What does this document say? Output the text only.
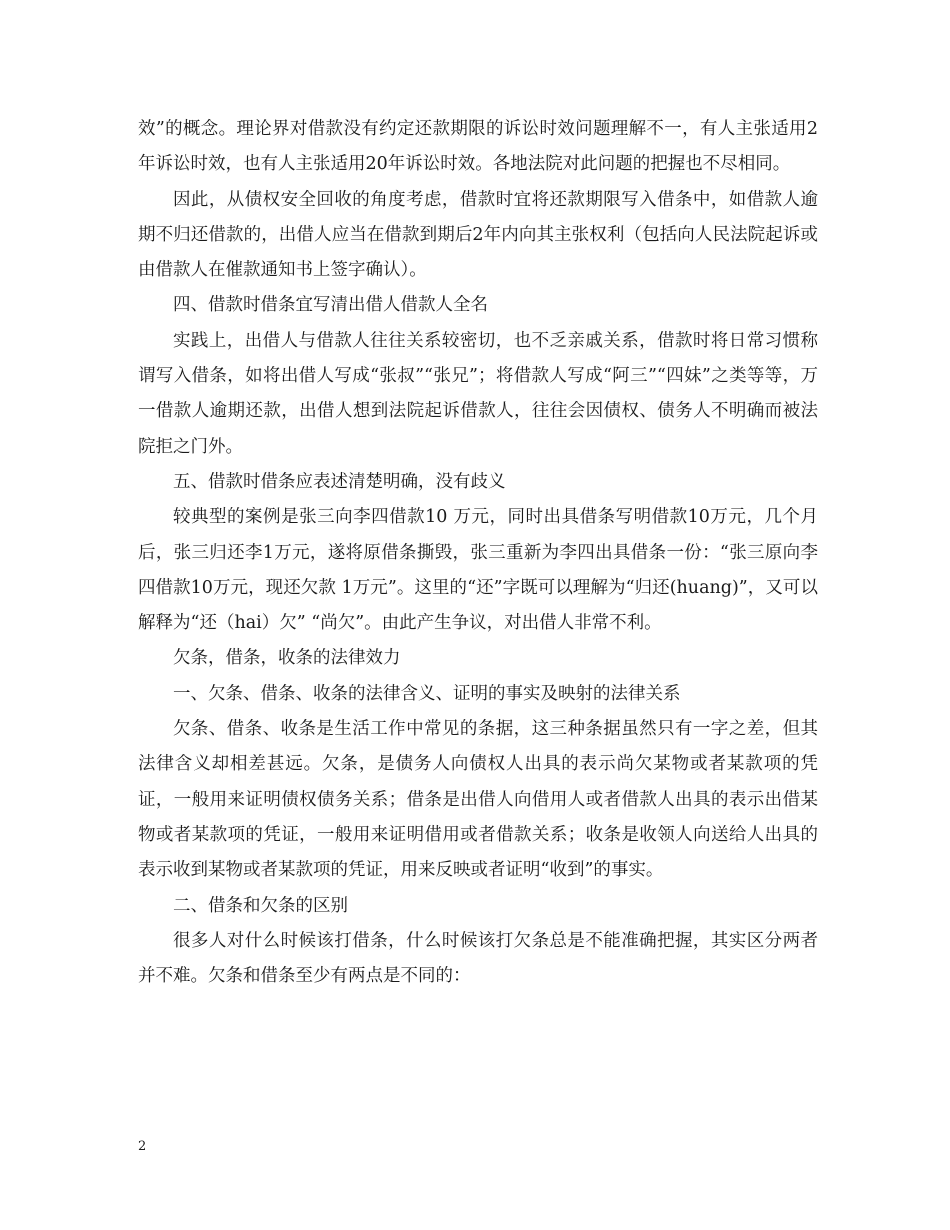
效”的概念。理论界对借款没有约定还款期限的诉讼时效问题理解不一，有人主张适用2年诉讼时效，也有人主张适用20年诉讼时效。各地法院对此问题的把握也不尽相同。

因此，从债权安全回收的角度考虑，借款时宜将还款期限写入借条中，如借款人逾期不归还借款的，出借人应当在借款到期后2年内向其主张权利（包括向人民法院起诉或由借款人在催款通知书上签字确认）。

四、借款时借条宜写清出借人借款人全名

实践上，出借人与借款人往往关系较密切，也不乏亲戚关系，借款时将日常习惯称谓写入借条，如将出借人写成“张叔”“张兄”；将借款人写成“阿三”“四妹”之类等等，万一借款人逾期还款，出借人想到法院起诉借款人，往往会因债权、债务人不明确而被法院拒之门外。

五、借款时借条应表述清楚明确，没有歧义

较典型的案例是张三向李四借款10 万元，同时出具借条写明借款10万元，几个月后，张三归还李1万元，遂将原借条撕毁，张三重新为李四出具借条一份：“张三原向李四借款10万元，现还欠款 1万元”。这里的“还”字既可以理解为“归还(huang)”，又可以解释为“还（hai）欠” “尚欠”。由此产生争议，对出借人非常不利。

欠条，借条，收条的法律效力

一、欠条、借条、收条的法律含义、证明的事实及映射的法律关系

欠条、借条、收条是生活工作中常见的条据，这三种条据虽然只有一字之差，但其法律含义却相差甚远。欠条，是债务人向债权人出具的表示尚欠某物或者某款项的凭证，一般用来证明债权债务关系；借条是出借人向借用人或者借款人出具的表示出借某物或者某款项的凭证，一般用来证明借用或者借款关系；收条是收领人向送给人出具的表示收到某物或者某款项的凭证，用来反映或者证明“收到”的事实。

二、借条和欠条的区别

很多人对什么时候该打借条，什么时候该打欠条总是不能准确把握，其实区分两者并不难。欠条和借条至少有两点是不同的：

2
